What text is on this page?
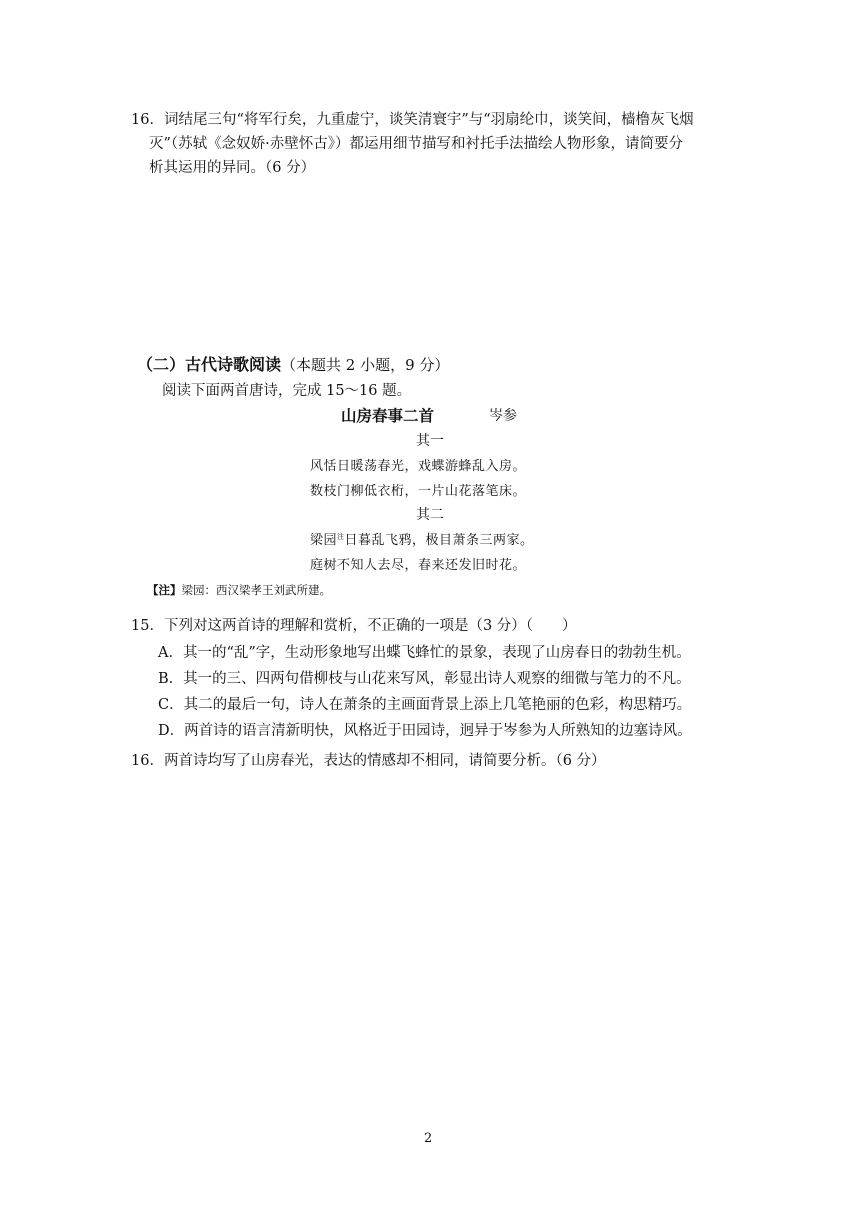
16．词结尾三句“将军行矣，九重虚宁，谈笑清寰宇”与“羽扇纶巾，谈笑间，樯橹灰飞烟
灭”（苏轼《念奴娇·赤壁怀古》）都运用细节描写和衬托手法描绘人物形象，请简要分
析其运用的异同。（6 分）
（二）古代诗歌阅读（本题共 2 小题，9 分）
阅读下面两首唐诗，完成 15～16 题。
山房春事二首	岑参
其一
风恬日暖荡春光，戏蝶游蜂乱入房。
数枝门柳低衣桁，一片山花落笔床。
其二
梁园$^注$日暮乱飞鸦，极目萧条三两家。
庭树不知人去尽，春来还发旧时花。
【注】梁园：西汉梁孝王刘武所建。
15．下列对这两首诗的理解和赏析，不正确的一项是（3 分）（　　）
A．其一的“乱”字，生动形象地写出蝶飞蜂忙的景象，表现了山房春日的勃勃生机。
B．其一的三、四两句借柳枝与山花来写风，彰显出诗人观察的细微与笔力的不凡。
C．其二的最后一句，诗人在萧条的主画面背景上添上几笔艳丽的色彩，构思精巧。
D．两首诗的语言清新明快，风格近于田园诗，迥异于岑参为人所熟知的边塞诗风。
16．两首诗均写了山房春光，表达的情感却不相同，请简要分析。（6 分）
2
